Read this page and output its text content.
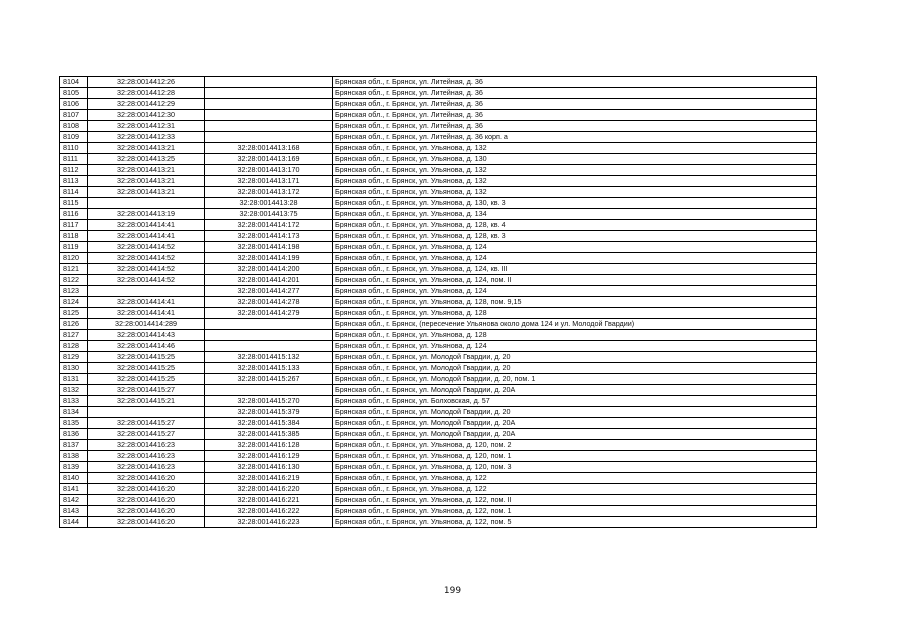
8104	32:28:0014412:26		Брянская обл., г. Брянск, ул. Литейная, д. 36
8105	32:28:0014412:28		Брянская обл., г. Брянск, ул. Литейная, д. 36
8106	32:28:0014412:29		Брянская обл., г. Брянск, ул. Литейная, д. 36
8107	32:28:0014412:30		Брянская обл., г. Брянск, ул. Литейная, д. 36
8108	32:28:0014412:31		Брянская обл., г. Брянск, ул. Литейная, д. 36
8109	32:28:0014412:33		Брянская обл., г. Брянск, ул. Литейная, д. 36 корп. а
8110	32:28:0014413:21	32:28:0014413:168	Брянская обл., г. Брянск, ул. Ульянова, д. 132
8111	32:28:0014413:25	32:28:0014413:169	Брянская обл., г. Брянск, ул. Ульянова, д. 130
8112	32:28:0014413:21	32:28:0014413:170	Брянская обл., г. Брянск, ул. Ульянова, д. 132
8113	32:28:0014413:21	32:28:0014413:171	Брянская обл., г. Брянск, ул. Ульянова, д. 132
8114	32:28:0014413:21	32:28:0014413:172	Брянская обл., г. Брянск, ул. Ульянова, д. 132
8115		32:28:0014413:28	Брянская обл., г. Брянск, ул. Ульянова, д. 130, кв. 3
8116	32:28:0014413:19	32:28:0014413:75	Брянская обл., г. Брянск, ул. Ульянова, д. 134
8117	32:28:0014414:41	32:28:0014414:172	Брянская обл., г. Брянск, ул. Ульянова, д. 128, кв. 4
8118	32:28:0014414:41	32:28:0014414:173	Брянская обл., г. Брянск, ул. Ульянова, д. 128, кв. 3
8119	32:28:0014414:52	32:28:0014414:198	Брянская обл., г. Брянск, ул. Ульянова, д. 124
8120	32:28:0014414:52	32:28:0014414:199	Брянская обл., г. Брянск, ул. Ульянова, д. 124
8121	32:28:0014414:52	32:28:0014414:200	Брянская обл., г. Брянск, ул. Ульянова, д. 124, кв. III
8122	32:28:0014414:52	32:28:0014414:201	Брянская обл., г. Брянск, ул. Ульянова, д. 124, пом. II
8123		32:28:0014414:277	Брянская обл., г. Брянск, ул. Ульянова, д. 124
8124	32:28:0014414:41	32:28:0014414:278	Брянская обл., г. Брянск, ул. Ульянова, д. 128, пом. 9,15
8125	32:28:0014414:41	32:28:0014414:279	Брянская обл., г. Брянск, ул. Ульянова, д. 128
8126	32:28:0014414:289		Брянская обл., г. Брянск, (пересечение Ульянова около дома 124 и ул. Молодой Гвардии)
8127	32:28:0014414:43		Брянская обл., г. Брянск, ул. Ульянова, д. 128
8128	32:28:0014414:46		Брянская обл., г. Брянск, ул. Ульянова, д. 124
8129	32:28:0014415:25	32:28:0014415:132	Брянская обл., г. Брянск, ул. Молодой Гвардии, д. 20
8130	32:28:0014415:25	32:28:0014415:133	Брянская обл., г. Брянск, ул. Молодой Гвардии, д. 20
8131	32:28:0014415:25	32:28:0014415:267	Брянская обл., г. Брянск, ул. Молодой Гвардии, д. 20, пом. 1
8132	32:28:0014415:27		Брянская обл., г. Брянск, ул. Молодой Гвардии, д. 20А
8133	32:28:0014415:21	32:28:0014415:270	Брянская обл., г. Брянск, ул. Болховская, д. 57
8134		32:28:0014415:379	Брянская обл., г. Брянск, ул. Молодой Гвардии, д. 20
8135	32:28:0014415:27	32:28:0014415:384	Брянская обл., г. Брянск, ул. Молодой Гвардии, д. 20А
8136	32:28:0014415:27	32:28:0014415:385	Брянская обл., г. Брянск, ул. Молодой Гвардии, д. 20А
8137	32:28:0014416:23	32:28:0014416:128	Брянская обл., г. Брянск, ул. Ульянова, д. 120, пом. 2
8138	32:28:0014416:23	32:28:0014416:129	Брянская обл., г. Брянск, ул. Ульянова, д. 120, пом. 1
8139	32:28:0014416:23	32:28:0014416:130	Брянская обл., г. Брянск, ул. Ульянова, д. 120, пом. 3
8140	32:28:0014416:20	32:28:0014416:219	Брянская обл., г. Брянск, ул. Ульянова, д. 122
8141	32:28:0014416:20	32:28:0014416:220	Брянская обл., г. Брянск, ул. Ульянова, д. 122
8142	32:28:0014416:20	32:28:0014416:221	Брянская обл., г. Брянск, ул. Ульянова, д. 122, пом. II
8143	32:28:0014416:20	32:28:0014416:222	Брянская обл., г. Брянск, ул. Ульянова, д. 122, пом. 1
8144	32:28:0014416:20	32:28:0014416:223	Брянская обл., г. Брянск, ул. Ульянова, д. 122, пом. 5
199
